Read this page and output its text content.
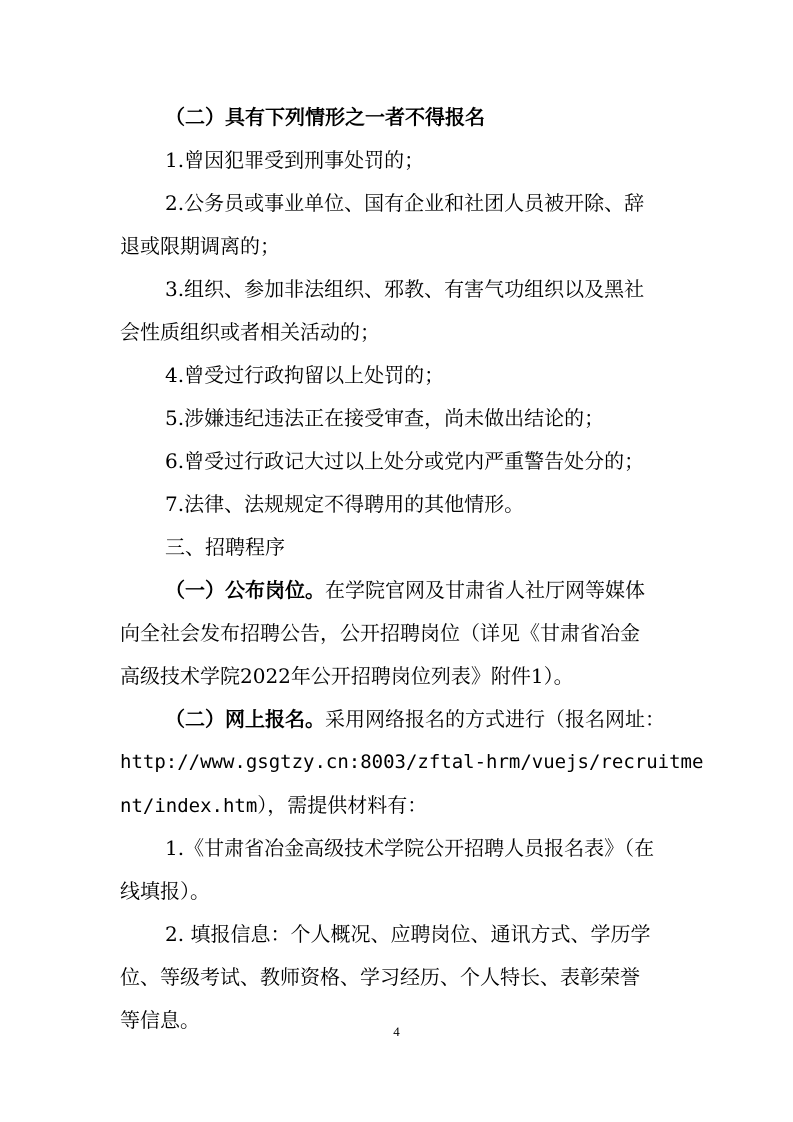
（二）具有下列情形之一者不得报名
1.曾因犯罪受到刑事处罚的；
2.公务员或事业单位、国有企业和社团人员被开除、辞
退或限期调离的；
3.组织、参加非法组织、邪教、有害气功组织以及黑社
会性质组织或者相关活动的；
4.曾受过行政拘留以上处罚的；
5.涉嫌违纪违法正在接受审查，尚未做出结论的；
6.曾受过行政记大过以上处分或党内严重警告处分的；
7.法律、法规规定不得聘用的其他情形。
三、招聘程序
（一）公布岗位。在学院官网及甘肃省人社厅网等媒体
向全社会发布招聘公告，公开招聘岗位（详见《甘肃省冶金
高级技术学院2022年公开招聘岗位列表》附件1）。
（二）网上报名。采用网络报名的方式进行（报名网址：
http://www.gsgtzy.cn:8003/zftal-hrm/vuejs/recruitme
nt/index.htm），需提供材料有：
1.《甘肃省冶金高级技术学院公开招聘人员报名表》（在
线填报）。
2. 填报信息：个人概况、应聘岗位、通讯方式、学历学
位、等级考试、教师资格、学习经历、个人特长、表彰荣誉
等信息。	4
